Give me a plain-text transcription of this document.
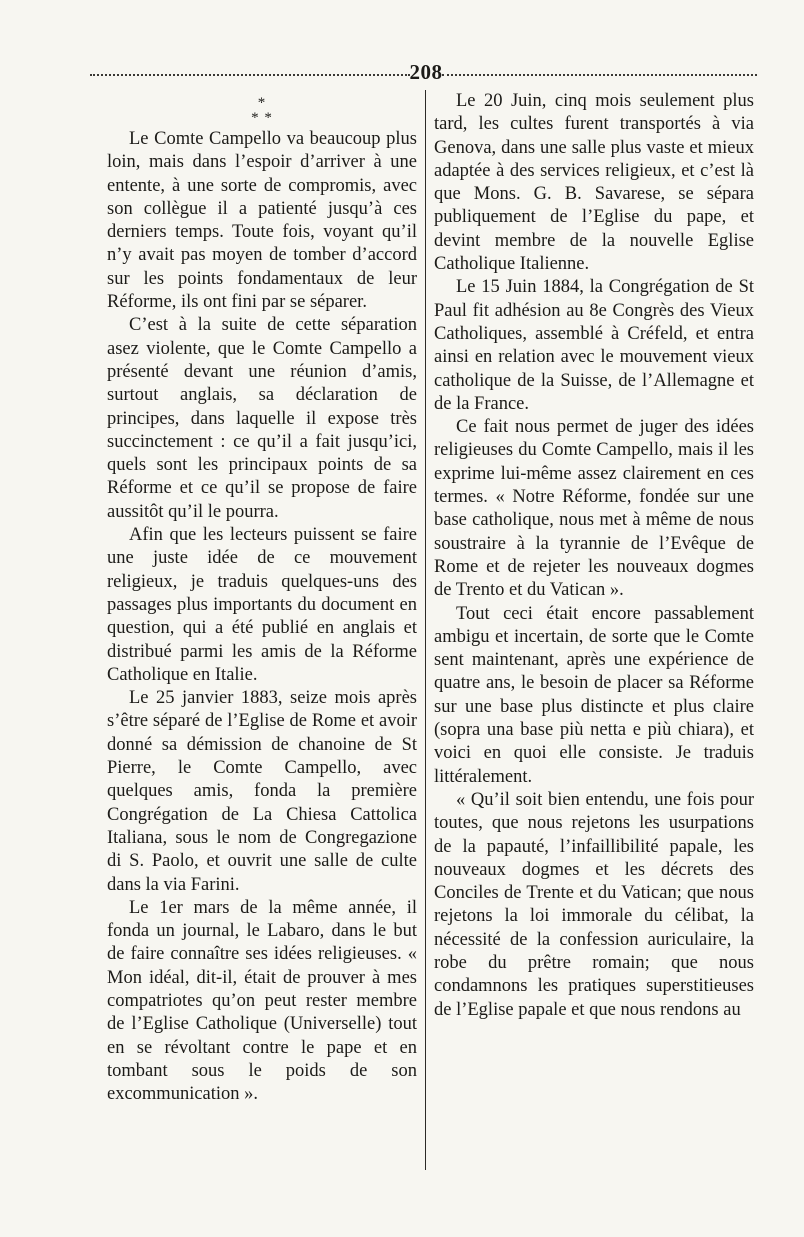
208
*
* *

Le Comte Campello va beaucoup plus loin, mais dans l’espoir d’arriver à une entente, à une sorte de compromis, avec son collègue il a patienté jusqu’à ces derniers temps. Toute fois, voyant qu’il n’y avait pas moyen de tomber d’accord sur les points fondamentaux de leur Réforme, ils ont fini par se séparer.

C’est à la suite de cette séparation asez violente, que le Comte Campello a présenté devant une réunion d’amis, surtout anglais, sa déclaration de principes, dans laquelle il expose très succinctement : ce qu’il a fait jusqu’ici, quels sont les principaux points de sa Réforme et ce qu’il se propose de faire aussitôt qu’il le pourra.

Afin que les lecteurs puissent se faire une juste idée de ce mouvement religieux, je traduis quelques-uns des passages plus importants du document en question, qui a été publié en anglais et distribué parmi les amis de la Réforme Catholique en Italie.

Le 25 janvier 1883, seize mois après s’être séparé de l’Eglise de Rome et avoir donné sa démission de chanoine de St Pierre, le Comte Campello, avec quelques amis, fonda la première Congrégation de La Chiesa Cattolica Italiana, sous le nom de Congregazione di S. Paolo, et ouvrit une salle de culte dans la via Farini.

Le 1er mars de la même année, il fonda un journal, le Labaro, dans le but de faire connaître ses idées religieuses. « Mon idéal, dit-il, était de prouver à mes compatriotes qu’on peut rester membre de l’Eglise Catholique (Universelle) tout en se révoltant contre le pape et en tombant sous le poids de son excommunication ».

Le 20 Juin, cinq mois seulement plus tard, les cultes furent transportés à via Genova, dans une salle plus vaste et mieux adaptée à des services religieux, et c’est là que Mons. G. B. Savarese, se sépara publiquement de l’Eglise du pape, et devint membre de la nouvelle Eglise Catholique Italienne.

Le 15 Juin 1884, la Congrégation de St Paul fit adhésion au 8e Congrès des Vieux Catholiques, assemblé à Créfeld, et entra ainsi en relation avec le mouvement vieux catholique de la Suisse, de l’Allemagne et de la France.

Ce fait nous permet de juger des idées religieuses du Comte Campello, mais il les exprime lui-même assez clairement en ces termes. « Notre Réforme, fondée sur une base catholique, nous met à même de nous soustraire à la tyrannie de l’Evêque de Rome et de rejeter les nouveaux dogmes de Trento et du Vatican ».

Tout ceci était encore passablement ambigu et incertain, de sorte que le Comte sent maintenant, après une expérience de quatre ans, le besoin de placer sa Réforme sur une base plus distincte et plus claire (sopra una base più netta e più chiara), et voici en quoi elle consiste. Je traduis littéralement.

« Qu’il soit bien entendu, une fois pour toutes, que nous rejetons les usurpations de la papauté, l’infaillibilité papale, les nouveaux dogmes et les décrets des Conciles de Trente et du Vatican; que nous rejetons la loi immorale du célibat, la nécessité de la confession auriculaire, la robe du prêtre romain; que nous condamnons les pratiques superstitieuses de l’Eglise papale et que nous rendons au
